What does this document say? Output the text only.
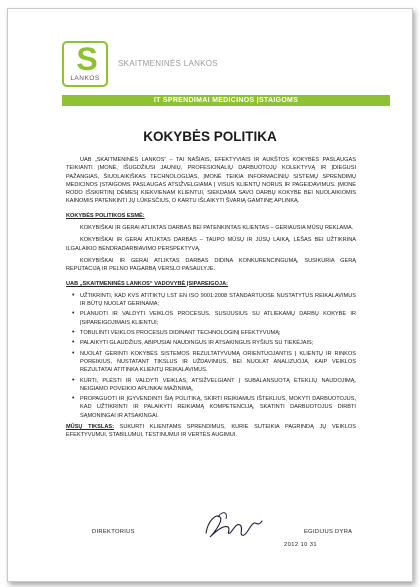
S
LANKOS
SKAITMENINĖS LANKOS
IT SPRENDIMAI MEDICINOS ĮSTAIGOMS
KOKYBĖS POLITIKA

UAB „SKAITMENINĖS LANKOS“ – TAI NAŠIAIS, EFEKTYVIAIS IR AUKŠTOS KOKYBĖS PASLAUGAS TEIKIANTI ĮMONĖ. IŠUGDŽIUSI JAUNIŲ, PROFESIONALIŲ DARBUOTOJŲ KOLEKTYVĄ IR ĮDIEGUSI PAŽANGIAS, ŠIUOLAIKIŠKAS TECHNOLOGIJAS, ĮMONĖ TEIKIA INFORMACINIŲ SISTEMŲ SPRENDIMŲ MEDICINOS ĮSTAIGOMS PASLAUGAS ATSIŽVELGIAMA Į VISUS KLIENTŲ NORUS IR PAGEIDAVIMUS. ĮMONĖ RODO IŠSKIRTINĮ DĖMESĮ KIEKVIENAM KLIENTUI, SIEKDAMA SAVO DARBŲ KOKYBE BEI NUOLAIKIOMIS KAINOMIS PATENKINTI JŲ LŪKESČIUS, O KARTU IŠLAIKYTI ŠVARIĄ GAMTINĘ APLINKĄ.

KOKYBĖS POLITIKOS ESMĖ:

KOKYBIŠKAI IR GERAI ATLIKTAS DARBAS BEI PATENKINTAS KLIENTAS – GERIAUSIA MŪSŲ REKLAMA.

KOKYBIŠKAI IR GERAI ATLIKTAS DARBAS – TAUPO MŪSŲ IR JŪSŲ LAIKĄ, LĖŠAS BEI UŽTIKRINA ILGALAIKIO BENDRADARBIAVIMO PERSPEKTYVĄ.

KOKYBIŠKAI IR GERAI ATLIKTAS DARBAS DIDINA KONKURENCINGUMĄ, SUSIKURIA GERĄ REPUTACIJĄ IR PELNO PAGARBĄ VERSLO PASAULYJE.

UAB „SKAITMENINĖS LANKOS“ VADOVYBĖ ĮSIPAREIGOJA:
• UŽTIKRINTI, KAD KVS ATITIKTŲ LST EN ISO 9001:2008 STANDARTUOSE NUSTATYTUS REIKALAVIMUS IR BŪTŲ NUOLAT GERINAMA;
• PLANUOTI IR VALDYTI VEIKLOS PROCESUS, SUSIJUSIUS SU ATLIEKAMŲ DARBŲ KOKYBE IR ĮSIPAREIGOJIMAIS KLIENTUI;
• TOBULINTI VEIKLOS PROCESUS DIDINANT TECHNOLOGINĮ EFEKTYVUMĄ;
• PALAIKYTI GLAUDŽIUS, ABIPUSIAI NAUDINGUS IR ATSAKINGUS RYŠIUS SU TIEKĖJAIS;
• NUOLAT GERINTI KOKYBĖS SISTEMOS REZULTATYVUMĄ ORIENTUOJANTIS Į KLIENTŲ IR RINKOS POREIKIUS, NUSTATANT TIKSLUS IR UŽDAVINIUS, BEI NUOLAT ANALIZUOJA, KAIP VEIKLOS REZULTATAI ATITINKA KLIENTŲ REIKALAVIMUS.
• KURTI, PLĖSTI IR VALDYTI VEIKLAS, ATSIŽVELGIANT Į SUBALANSUOTĄ ĖTEKLIŲ NAUDOJIMĄ, NEIGIAMO POVEIKIO APLINKAI MAŽINIMĄ,
• PROPAGUOTI IR ĮGYVENDINTI ŠIĄ POLITIKĄ, SKIRTI REIKIAMUS IŠTEKLIUS, MOKYTI DARBUOTOJUS, KAD UŽTIKRINTI IR PALAIKYTI REIKIAMĄ KOMPETENCIJĄ, SKATINTI DARBUOTOJUS DIRBTI SĄMONINGAI IR ATSAKINGAI.

MŪSŲ TIKSLAS: SUKURTI KLIENTAMS SPRENDIMUS, KURIE SUTEIKIA PAGRINDĄ JŲ VEIKLOS EFEKTYVUMUI, STABILUMUI, TESTINUMUI IR VERTĖS AUGIMUI.

DIREKTORIUS	EGIDIJUS DYRA
2012 10 31
